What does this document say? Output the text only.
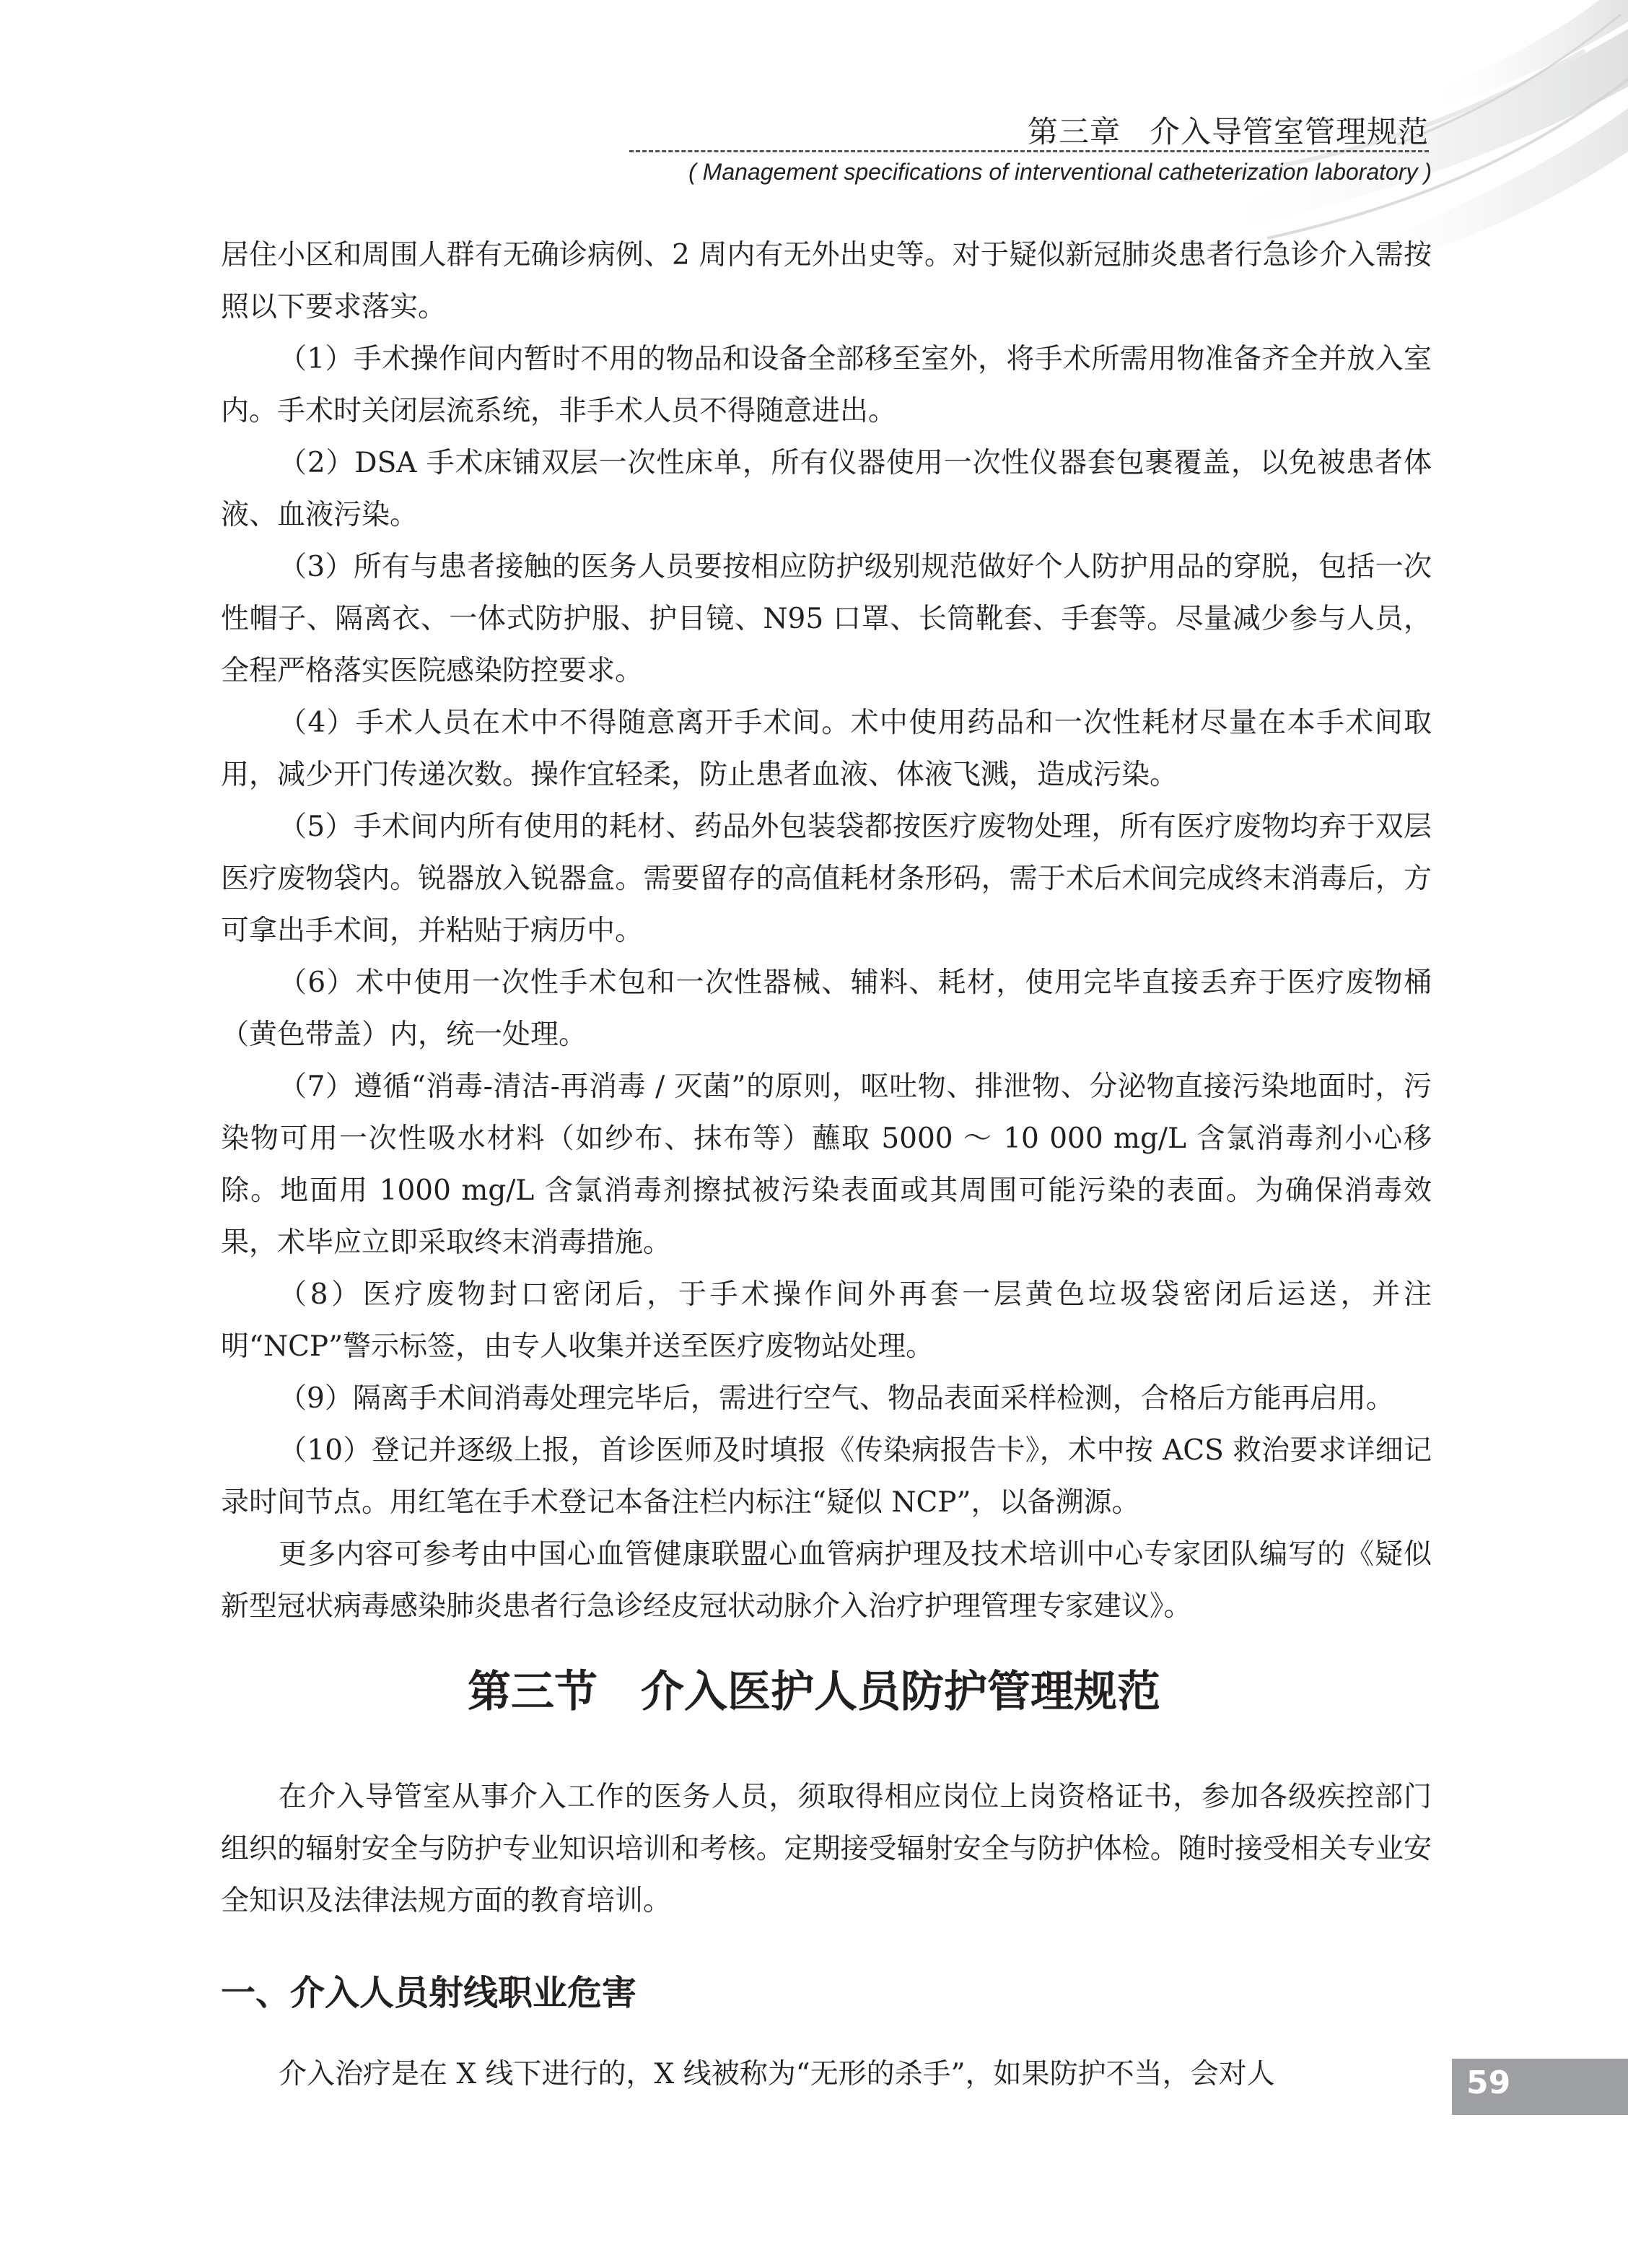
第三章 介入导管室管理规范
( Management specifications of interventional catheterization laboratory )

居住小区和周围人群有无确诊病例、2 周内有无外出史等。对于疑似新冠肺炎患者行急诊介入需按照以下要求落实。

（1）手术操作间内暂时不用的物品和设备全部移至室外，将手术所需用物准备齐全并放入室内。手术时关闭层流系统，非手术人员不得随意进出。

（2）DSA 手术床铺双层一次性床单，所有仪器使用一次性仪器套包裹覆盖，以免被患者体液、血液污染。

（3）所有与患者接触的医务人员要按相应防护级别规范做好个人防护用品的穿脱，包括一次性帽子、隔离衣、一体式防护服、护目镜、N95 口罩、长筒靴套、手套等。尽量减少参与人员，全程严格落实医院感染防控要求。

（4）手术人员在术中不得随意离开手术间。术中使用药品和一次性耗材尽量在本手术间取用，减少开门传递次数。操作宜轻柔，防止患者血液、体液飞溅，造成污染。

（5）手术间内所有使用的耗材、药品外包装袋都按医疗废物处理，所有医疗废物均弃于双层医疗废物袋内。锐器放入锐器盒。需要留存的高值耗材条形码，需于术后术间完成终末消毒后，方可拿出手术间，并粘贴于病历中。

（6）术中使用一次性手术包和一次性器械、辅料、耗材，使用完毕直接丢弃于医疗废物桶（黄色带盖）内，统一处理。

（7）遵循“消毒-清洁-再消毒 / 灭菌”的原则，呕吐物、排泄物、分泌物直接污染地面时，污染物可用一次性吸水材料（如纱布、抹布等）蘸取 5000 ～ 10 000 mg/L 含氯消毒剂小心移除。地面用 1000 mg/L 含氯消毒剂擦拭被污染表面或其周围可能污染的表面。为确保消毒效果，术毕应立即采取终末消毒措施。

（8）医疗废物封口密闭后，于手术操作间外再套一层黄色垃圾袋密闭后运送，并注明“NCP”警示标签，由专人收集并送至医疗废物站处理。

（9）隔离手术间消毒处理完毕后，需进行空气、物品表面采样检测，合格后方能再启用。

（10）登记并逐级上报，首诊医师及时填报《传染病报告卡》，术中按 ACS 救治要求详细记录时间节点。用红笔在手术登记本备注栏内标注“疑似 NCP”，以备溯源。

更多内容可参考由中国心血管健康联盟心血管病护理及技术培训中心专家团队编写的《疑似新型冠状病毒感染肺炎患者行急诊经皮冠状动脉介入治疗护理管理专家建议》。

第三节 介入医护人员防护管理规范

在介入导管室从事介入工作的医务人员，须取得相应岗位上岗资格证书，参加各级疾控部门组织的辐射安全与防护专业知识培训和考核。定期接受辐射安全与防护体检。随时接受相关专业安全知识及法律法规方面的教育培训。

一、介入人员射线职业危害

介入治疗是在 X 线下进行的，X 线被称为“无形的杀手”，如果防护不当，会对人	59
